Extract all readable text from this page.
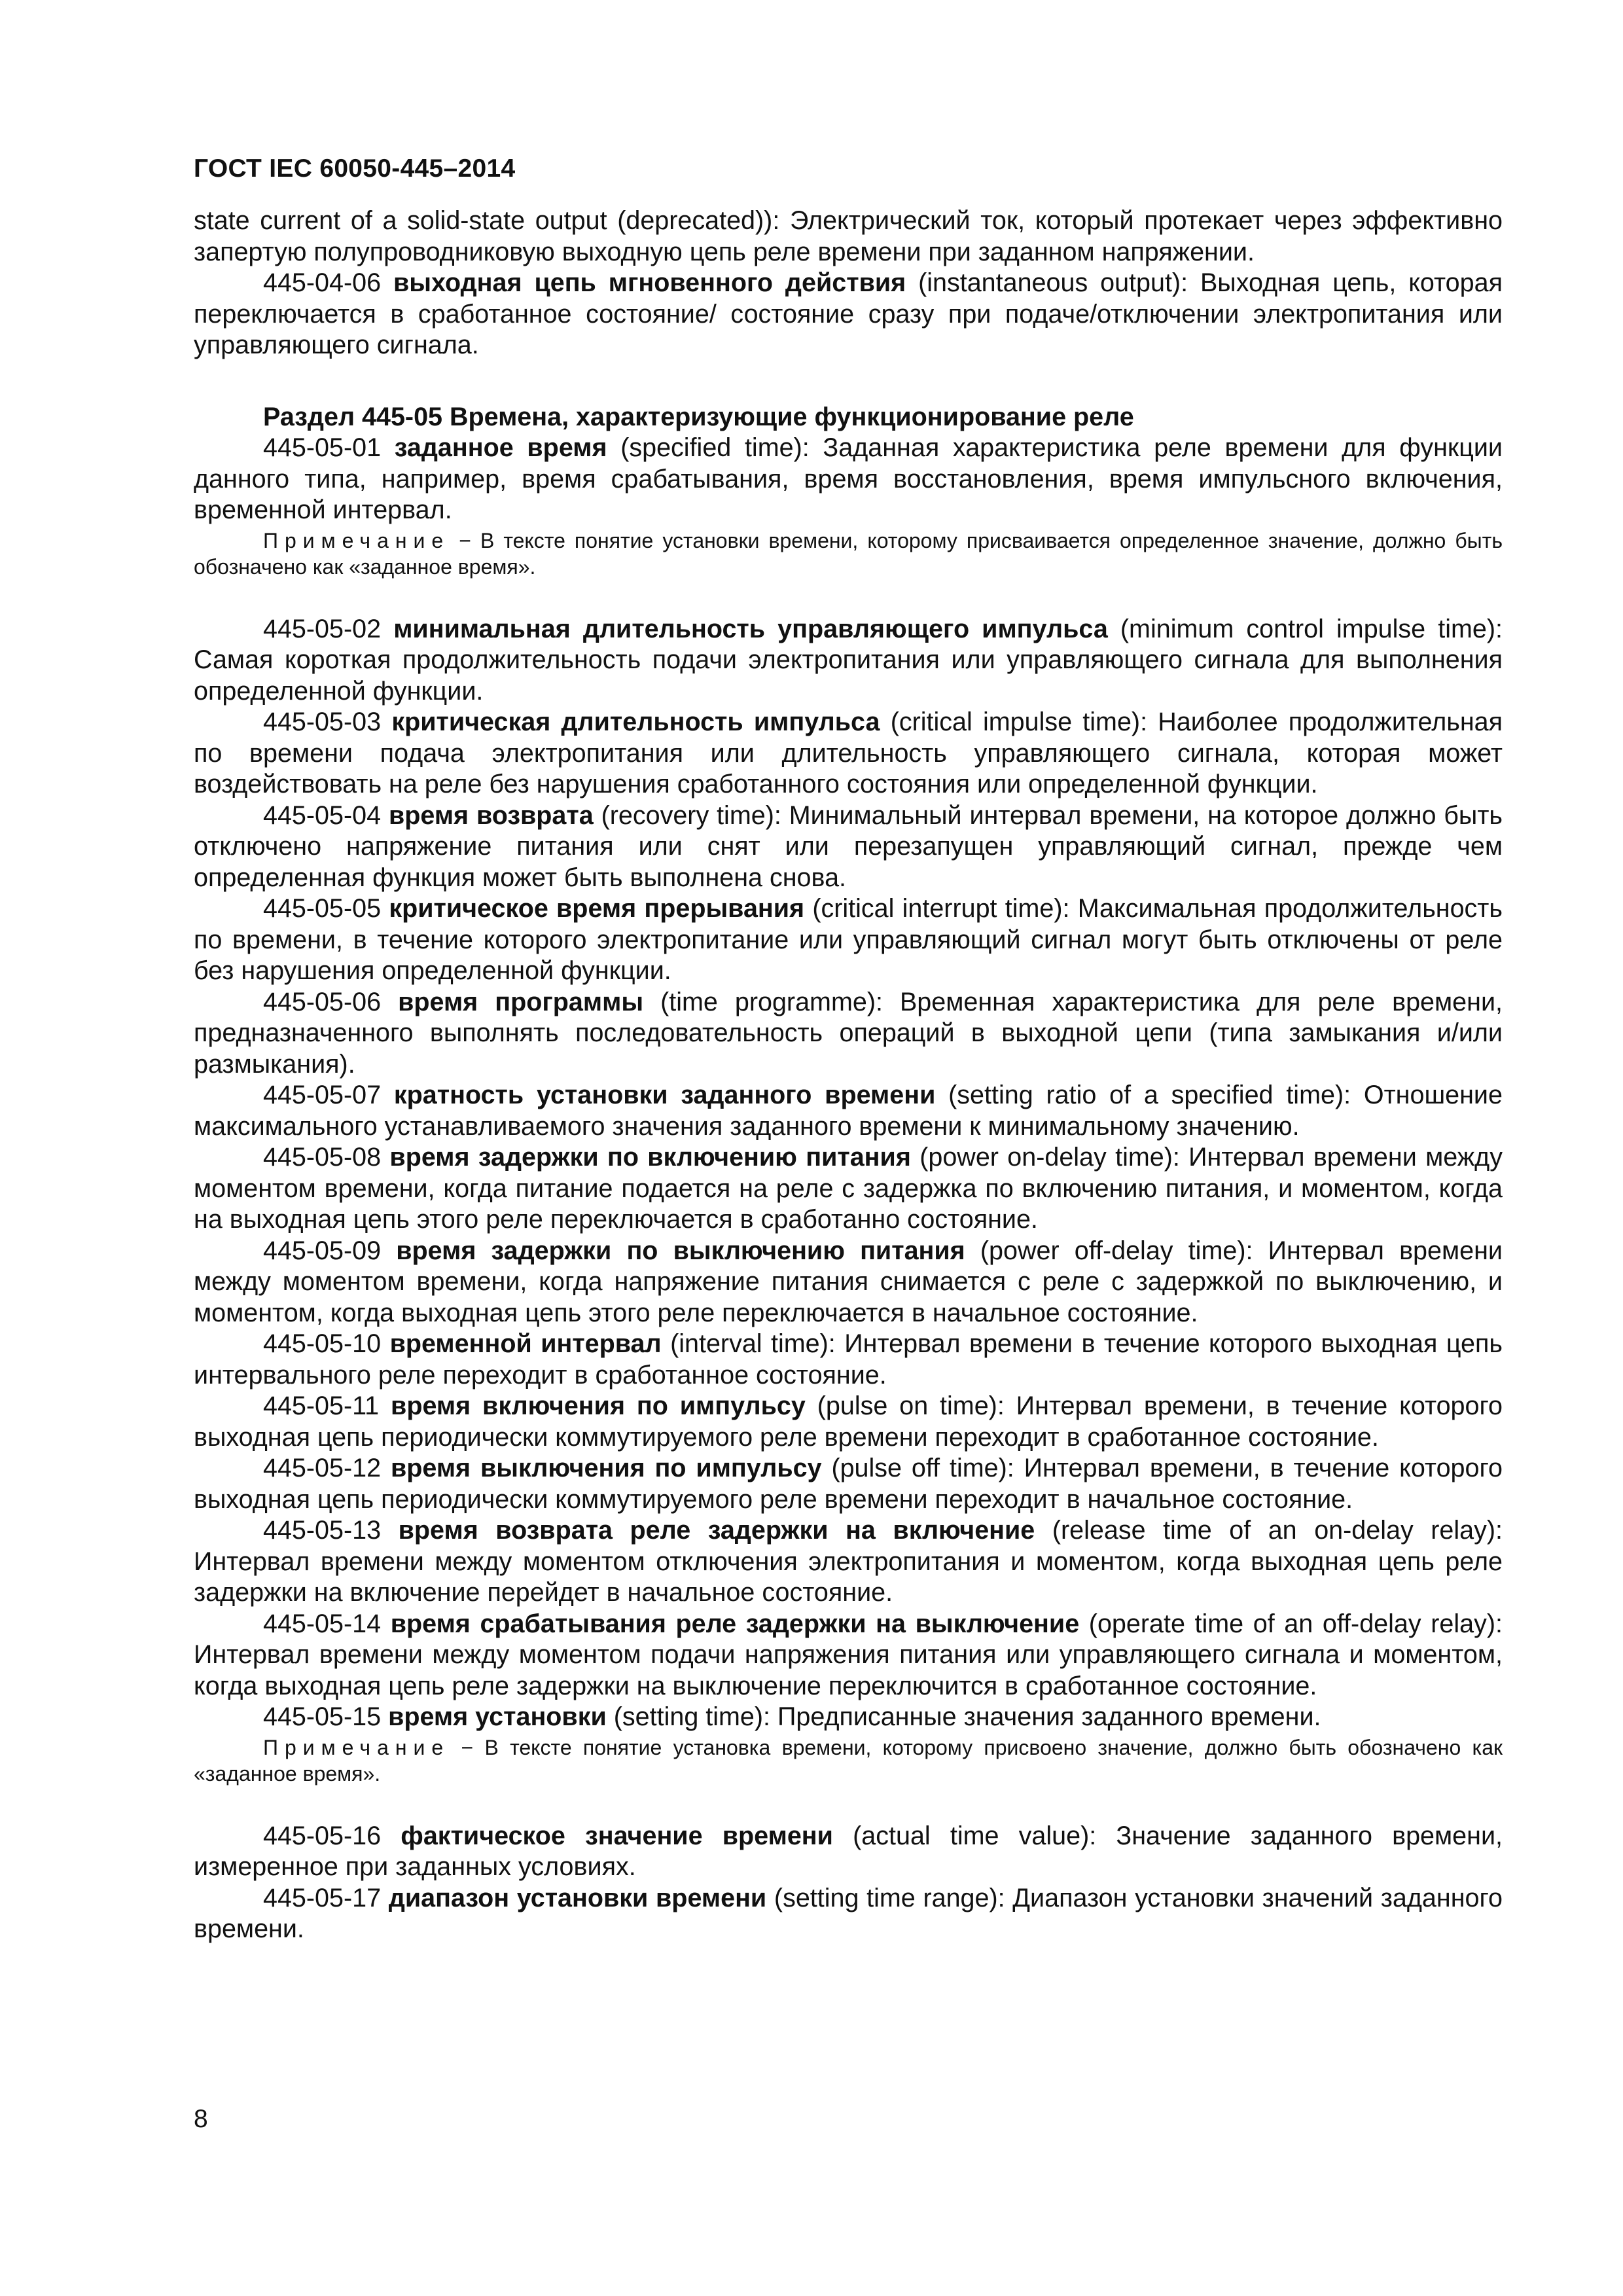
ГОСТ IEC 60050-445–2014

state current of a solid-state output (deprecated)): Электрический ток, который протекает через эффективно запертую полупроводниковую выходную цепь реле времени при заданном напряжении.

445-04-06 выходная цепь мгновенного действия (instantaneous output): Выходная цепь, которая переключается в сработанное состояние/ состояние сразу при подаче/отключении электропитания или управляющего сигнала.

Раздел 445-05 Времена, характеризующие функционирование реле

445-05-01 заданное время (specified time): Заданная характеристика реле времени для функции данного типа, например, время срабатывания, время восстановления, время импульсного включения, временной интервал.

Примечание − В тексте понятие установки времени, которому присваивается определенное значение, должно быть обозначено как «заданное время».

445-05-02 минимальная длительность управляющего импульса (minimum control impulse time): Самая короткая продолжительность подачи электропитания или управляющего сигнала для выполнения определенной функции.

445-05-03 критическая длительность импульса (critical impulse time): Наиболее продолжительная по времени подача электропитания или длительность управляющего сигнала, которая может воздействовать на реле без нарушения сработанного состояния или определенной функции.

445-05-04 время возврата (recovery time): Минимальный интервал времени, на которое должно быть отключено напряжение питания или снят или перезапущен управляющий сигнал, прежде чем определенная функция может быть выполнена снова.

445-05-05 критическое время прерывания (critical interrupt time): Максимальная продолжительность по времени, в течение которого электропитание или управляющий сигнал могут быть отключены от реле без нарушения определенной функции.

445-05-06 время программы (time programme): Временная характеристика для реле времени, предназначенного выполнять последовательность операций в выходной цепи (типа замыкания и/или размыкания).

445-05-07 кратность установки заданного времени (setting ratio of a specified time): Отношение максимального устанавливаемого значения заданного времени к минимальному значению.

445-05-08 время задержки по включению питания (power on-delay time): Интервал времени между моментом времени, когда питание подается на реле с задержка по включению питания, и моментом, когда на выходная цепь этого реле переключается в сработанно состояние.

445-05-09 время задержки по выключению питания (power off-delay time): Интервал времени между моментом времени, когда напряжение питания снимается с реле с задержкой по выключению, и моментом, когда выходная цепь этого реле переключается в начальное состояние.

445-05-10 временной интервал (interval time): Интервал времени в течение которого выходная цепь интервального реле переходит в сработанное состояние.

445-05-11 время включения по импульсу (pulse on time): Интервал времени, в течение которого выходная цепь периодически коммутируемого реле времени переходит в сработанное состояние.

445-05-12 время выключения по импульсу (pulse off time): Интервал времени, в течение которого выходная цепь периодически коммутируемого реле времени переходит в начальное состояние.

445-05-13 время возврата реле задержки на включение (release time of an on-delay relay): Интервал времени между моментом отключения электропитания и моментом, когда выходная цепь реле задержки на включение перейдет в начальное состояние.

445-05-14 время срабатывания реле задержки на выключение (operate time of an off-delay relay): Интервал времени между моментом подачи напряжения питания или управляющего сигнала и моментом, когда выходная цепь реле задержки на выключение переключится в сработанное состояние.

445-05-15 время установки (setting time): Предписанные значения заданного времени.

Примечание − В тексте понятие установка времени, которому присвоено значение, должно быть обозначено как «заданное время».

445-05-16 фактическое значение времени (actual time value): Значение заданного времени, измеренное при заданных условиях.

445-05-17 диапазон установки времени (setting time range): Диапазон установки значений заданного времени.

8
